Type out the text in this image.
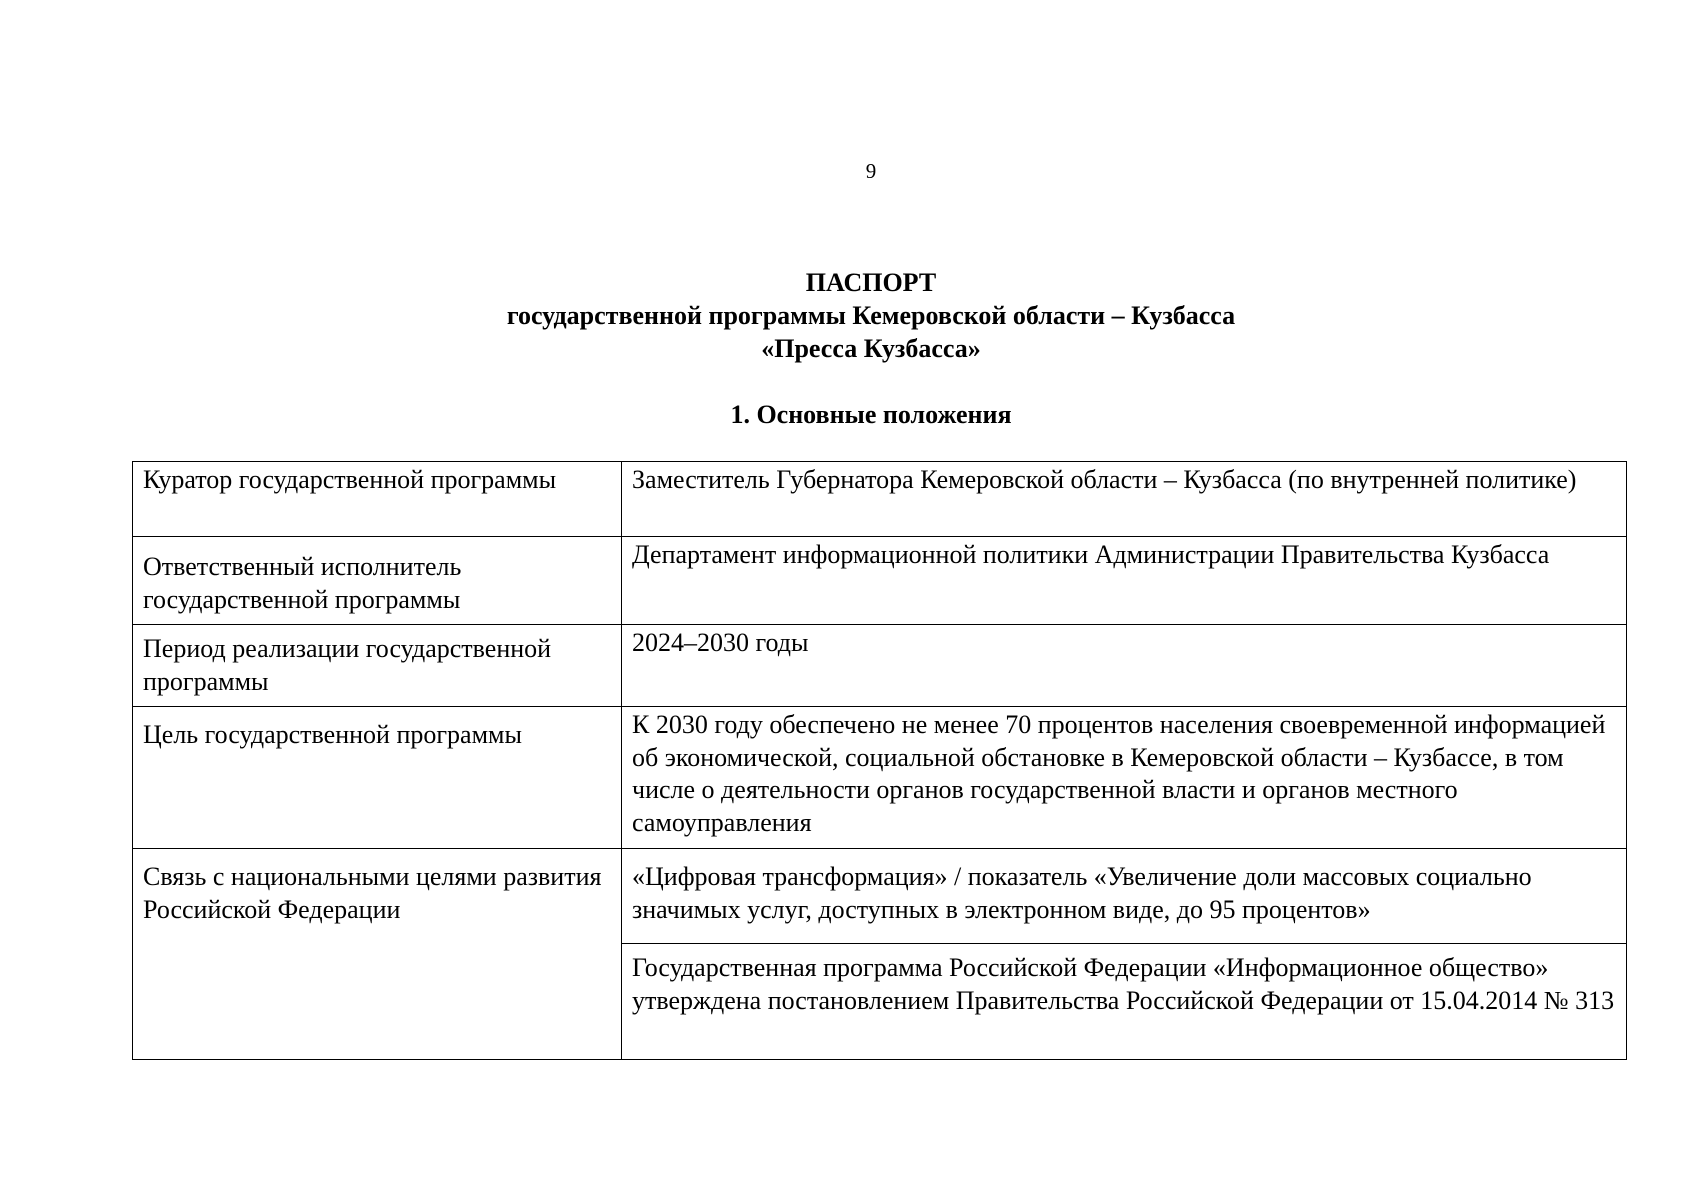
9
ПАСПОРТ
государственной программы Кемеровской области – Кузбасса
«Пресса Кузбасса»
1. Основные положения
Куратор государственной программы	Заместитель Губернатора Кемеровской области – Кузбасса (по внутренней политике)
Ответственный исполнитель государственной программы	Департамент информационной политики Администрации Правительства Кузбасса
Период реализации государственной программы	2024–2030 годы
Цель государственной программы	К 2030 году обеспечено не менее 70 процентов населения своевременной информацией об экономической, социальной обстановке в Кемеровской области – Кузбассе, в том числе о деятельности органов государственной власти и органов местного самоуправления
Связь с национальными целями развития Российской Федерации	«Цифровая трансформация» / показатель «Увеличение доли массовых социально значимых услуг, доступных в электронном виде, до 95 процентов»
	Государственная программа Российской Федерации «Информационное общество» утверждена постановлением Правительства Российской Федерации от 15.04.2014 № 313
